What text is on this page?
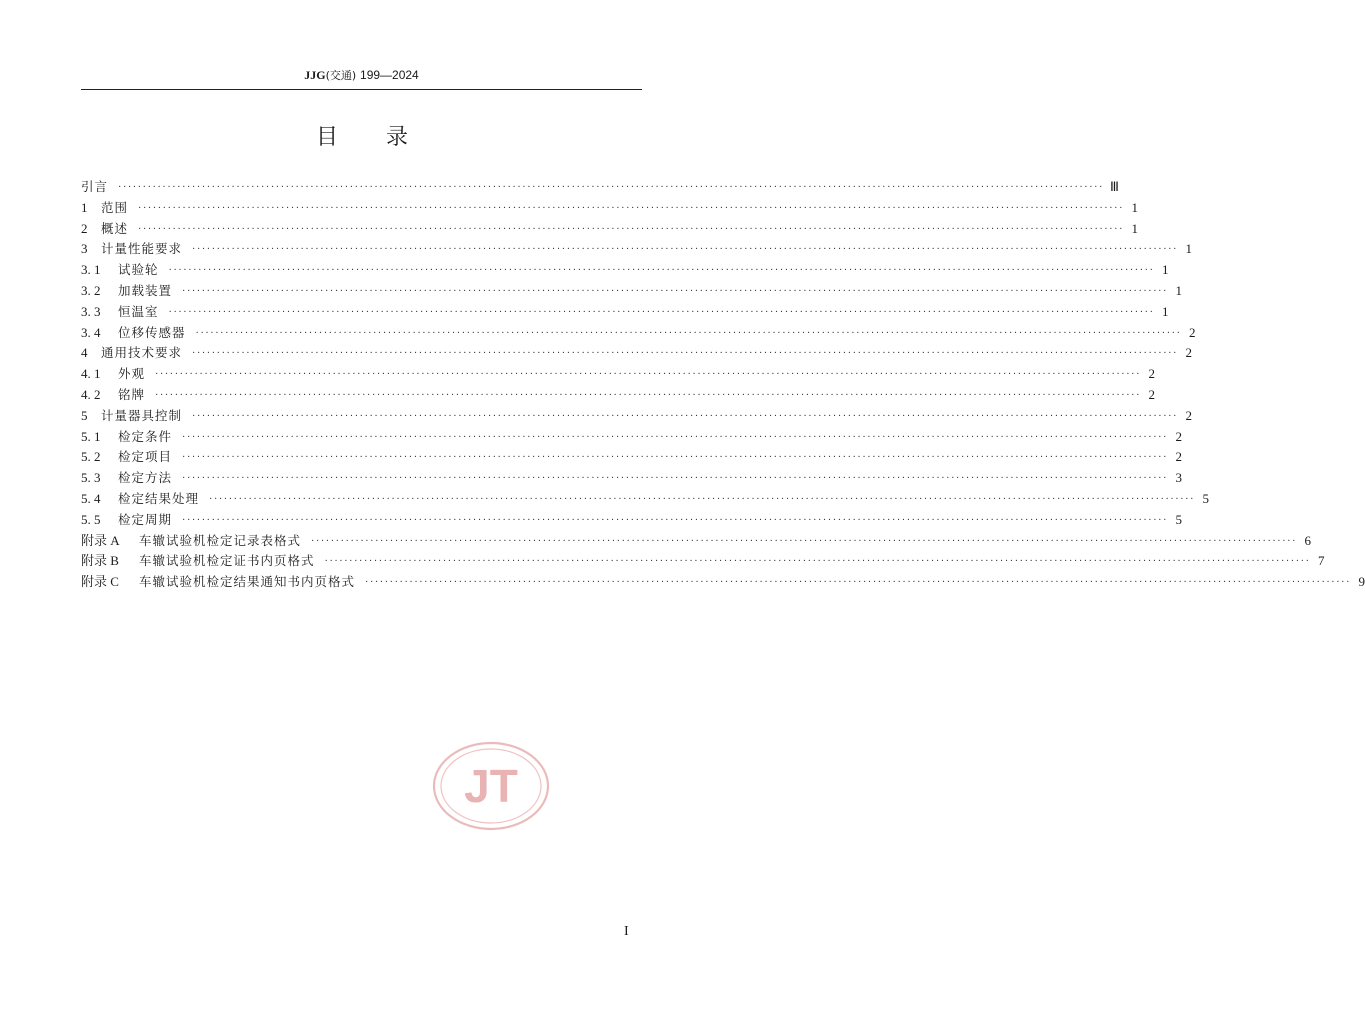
JJG(交通) 199—2024
目录
引言 ········································································································································································································ Ⅲ
1	范围 ········································································································································································································ 1
2	概述 ········································································································································································································ 1
3	计量性能要求 ········································································································································································································ 1
3. 1	试验轮 ········································································································································································································ 1
3. 2	加载装置 ········································································································································································································ 1
3. 3	恒温室 ········································································································································································································ 1
3. 4	位移传感器 ········································································································································································································ 2
4	通用技术要求 ········································································································································································································ 2
4. 1	外观 ········································································································································································································ 2
4. 2	铭牌 ········································································································································································································ 2
5	计量器具控制 ········································································································································································································ 2
5. 1	检定条件 ········································································································································································································ 2
5. 2	检定项目 ········································································································································································································ 2
5. 3	检定方法 ········································································································································································································ 3
5. 4	检定结果处理 ········································································································································································································ 5
5. 5	检定周期 ········································································································································································································ 5
附录 A	车辙试验机检定记录表格式 ········································································································································································································ 6
附录 B	车辙试验机检定证书内页格式 ········································································································································································································ 7
附录 C	车辙试验机检定结果通知书内页格式 ········································································································································································································ 9
JT
I
